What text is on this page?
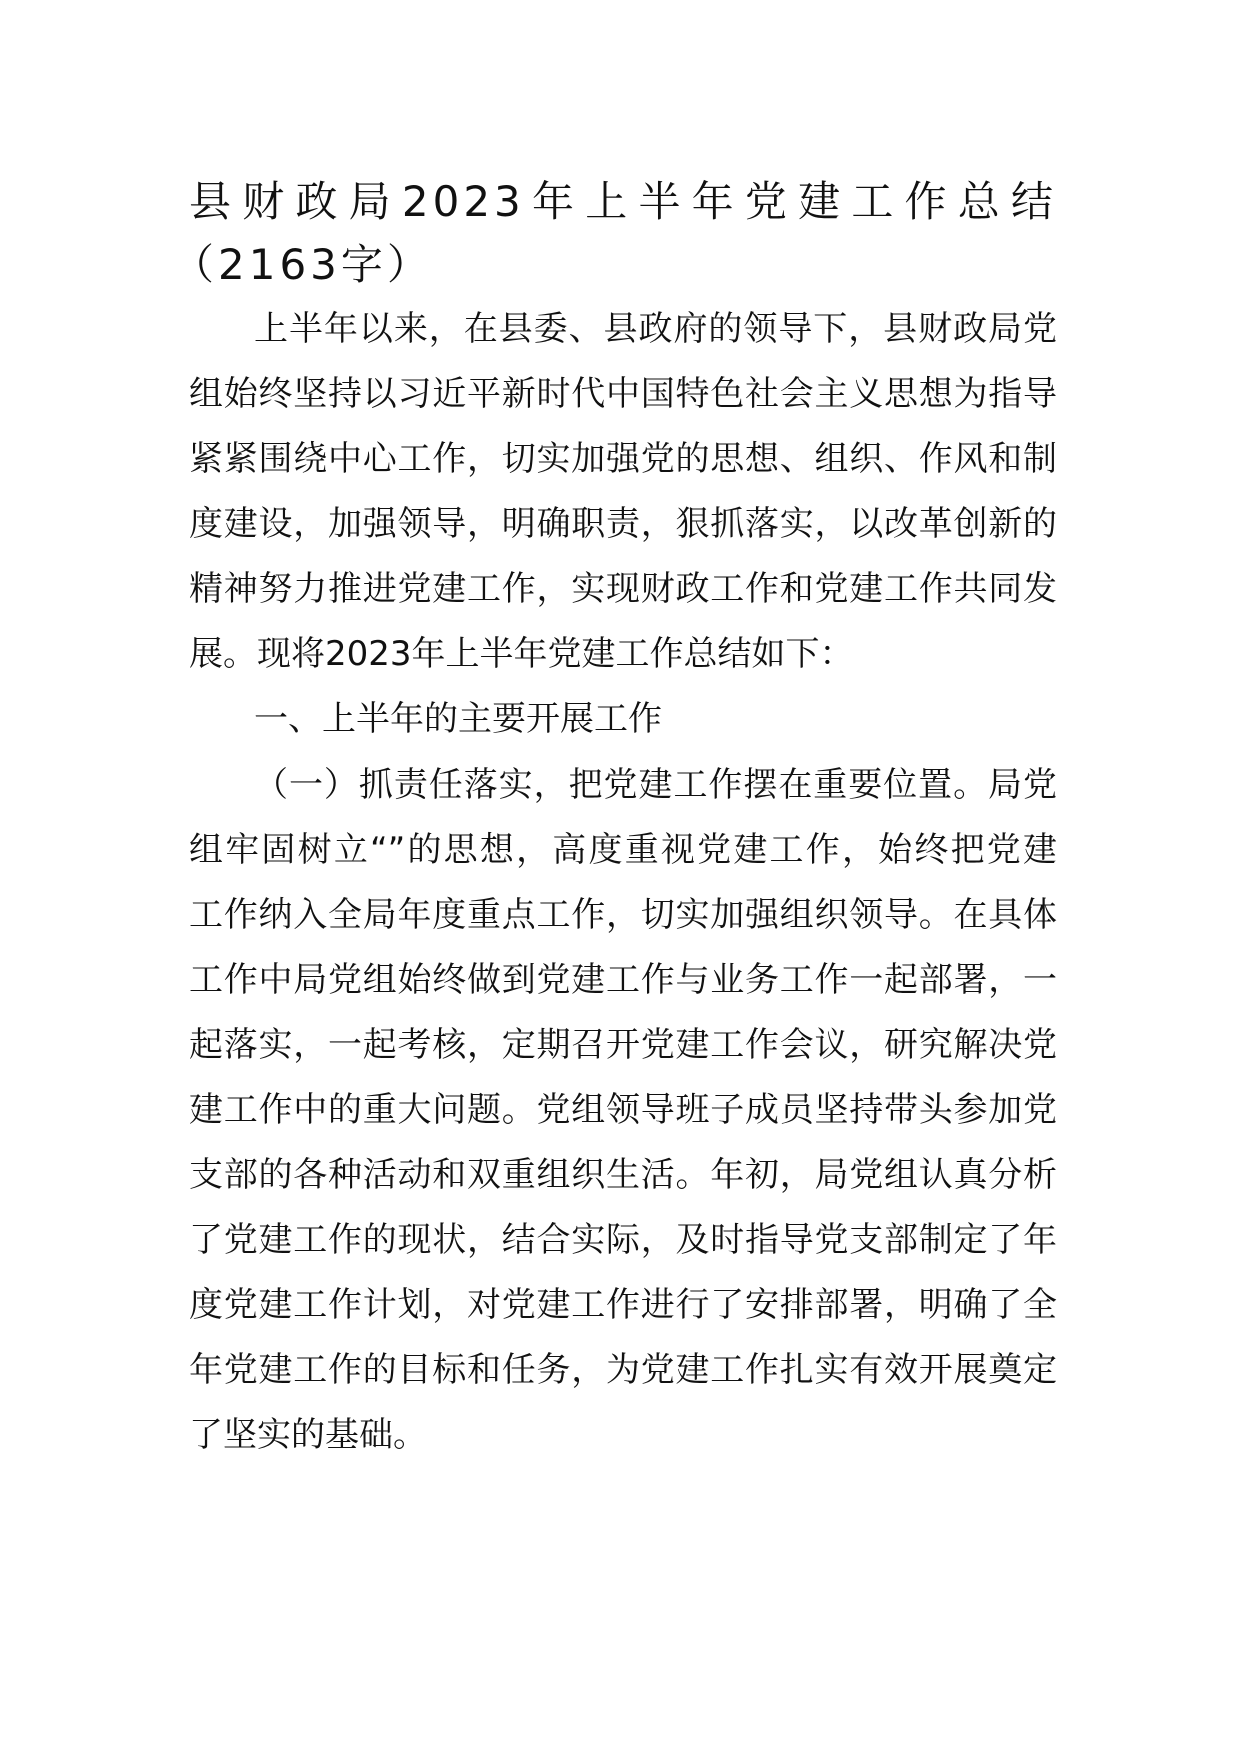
县财政局2023年上半年党建工作总结
（2163字）
上半年以来，在县委、县政府的领导下，县财政局党
组始终坚持以习近平新时代中国特色社会主义思想为指导
紧紧围绕中心工作，切实加强党的思想、组织、作风和制
度建设，加强领导，明确职责，狠抓落实，以改革创新的
精神努力推进党建工作，实现财政工作和党建工作共同发
展。现将2023年上半年党建工作总结如下：
一、上半年的主要开展工作
（一）抓责任落实，把党建工作摆在重要位置。局党
组牢固树立“”的思想，高度重视党建工作，始终把党建
工作纳入全局年度重点工作，切实加强组织领导。在具体
工作中局党组始终做到党建工作与业务工作一起部署，一
起落实，一起考核，定期召开党建工作会议，研究解决党
建工作中的重大问题。党组领导班子成员坚持带头参加党
支部的各种活动和双重组织生活。年初，局党组认真分析
了党建工作的现状，结合实际，及时指导党支部制定了年
度党建工作计划，对党建工作进行了安排部署，明确了全
年党建工作的目标和任务，为党建工作扎实有效开展奠定
了坚实的基础。
